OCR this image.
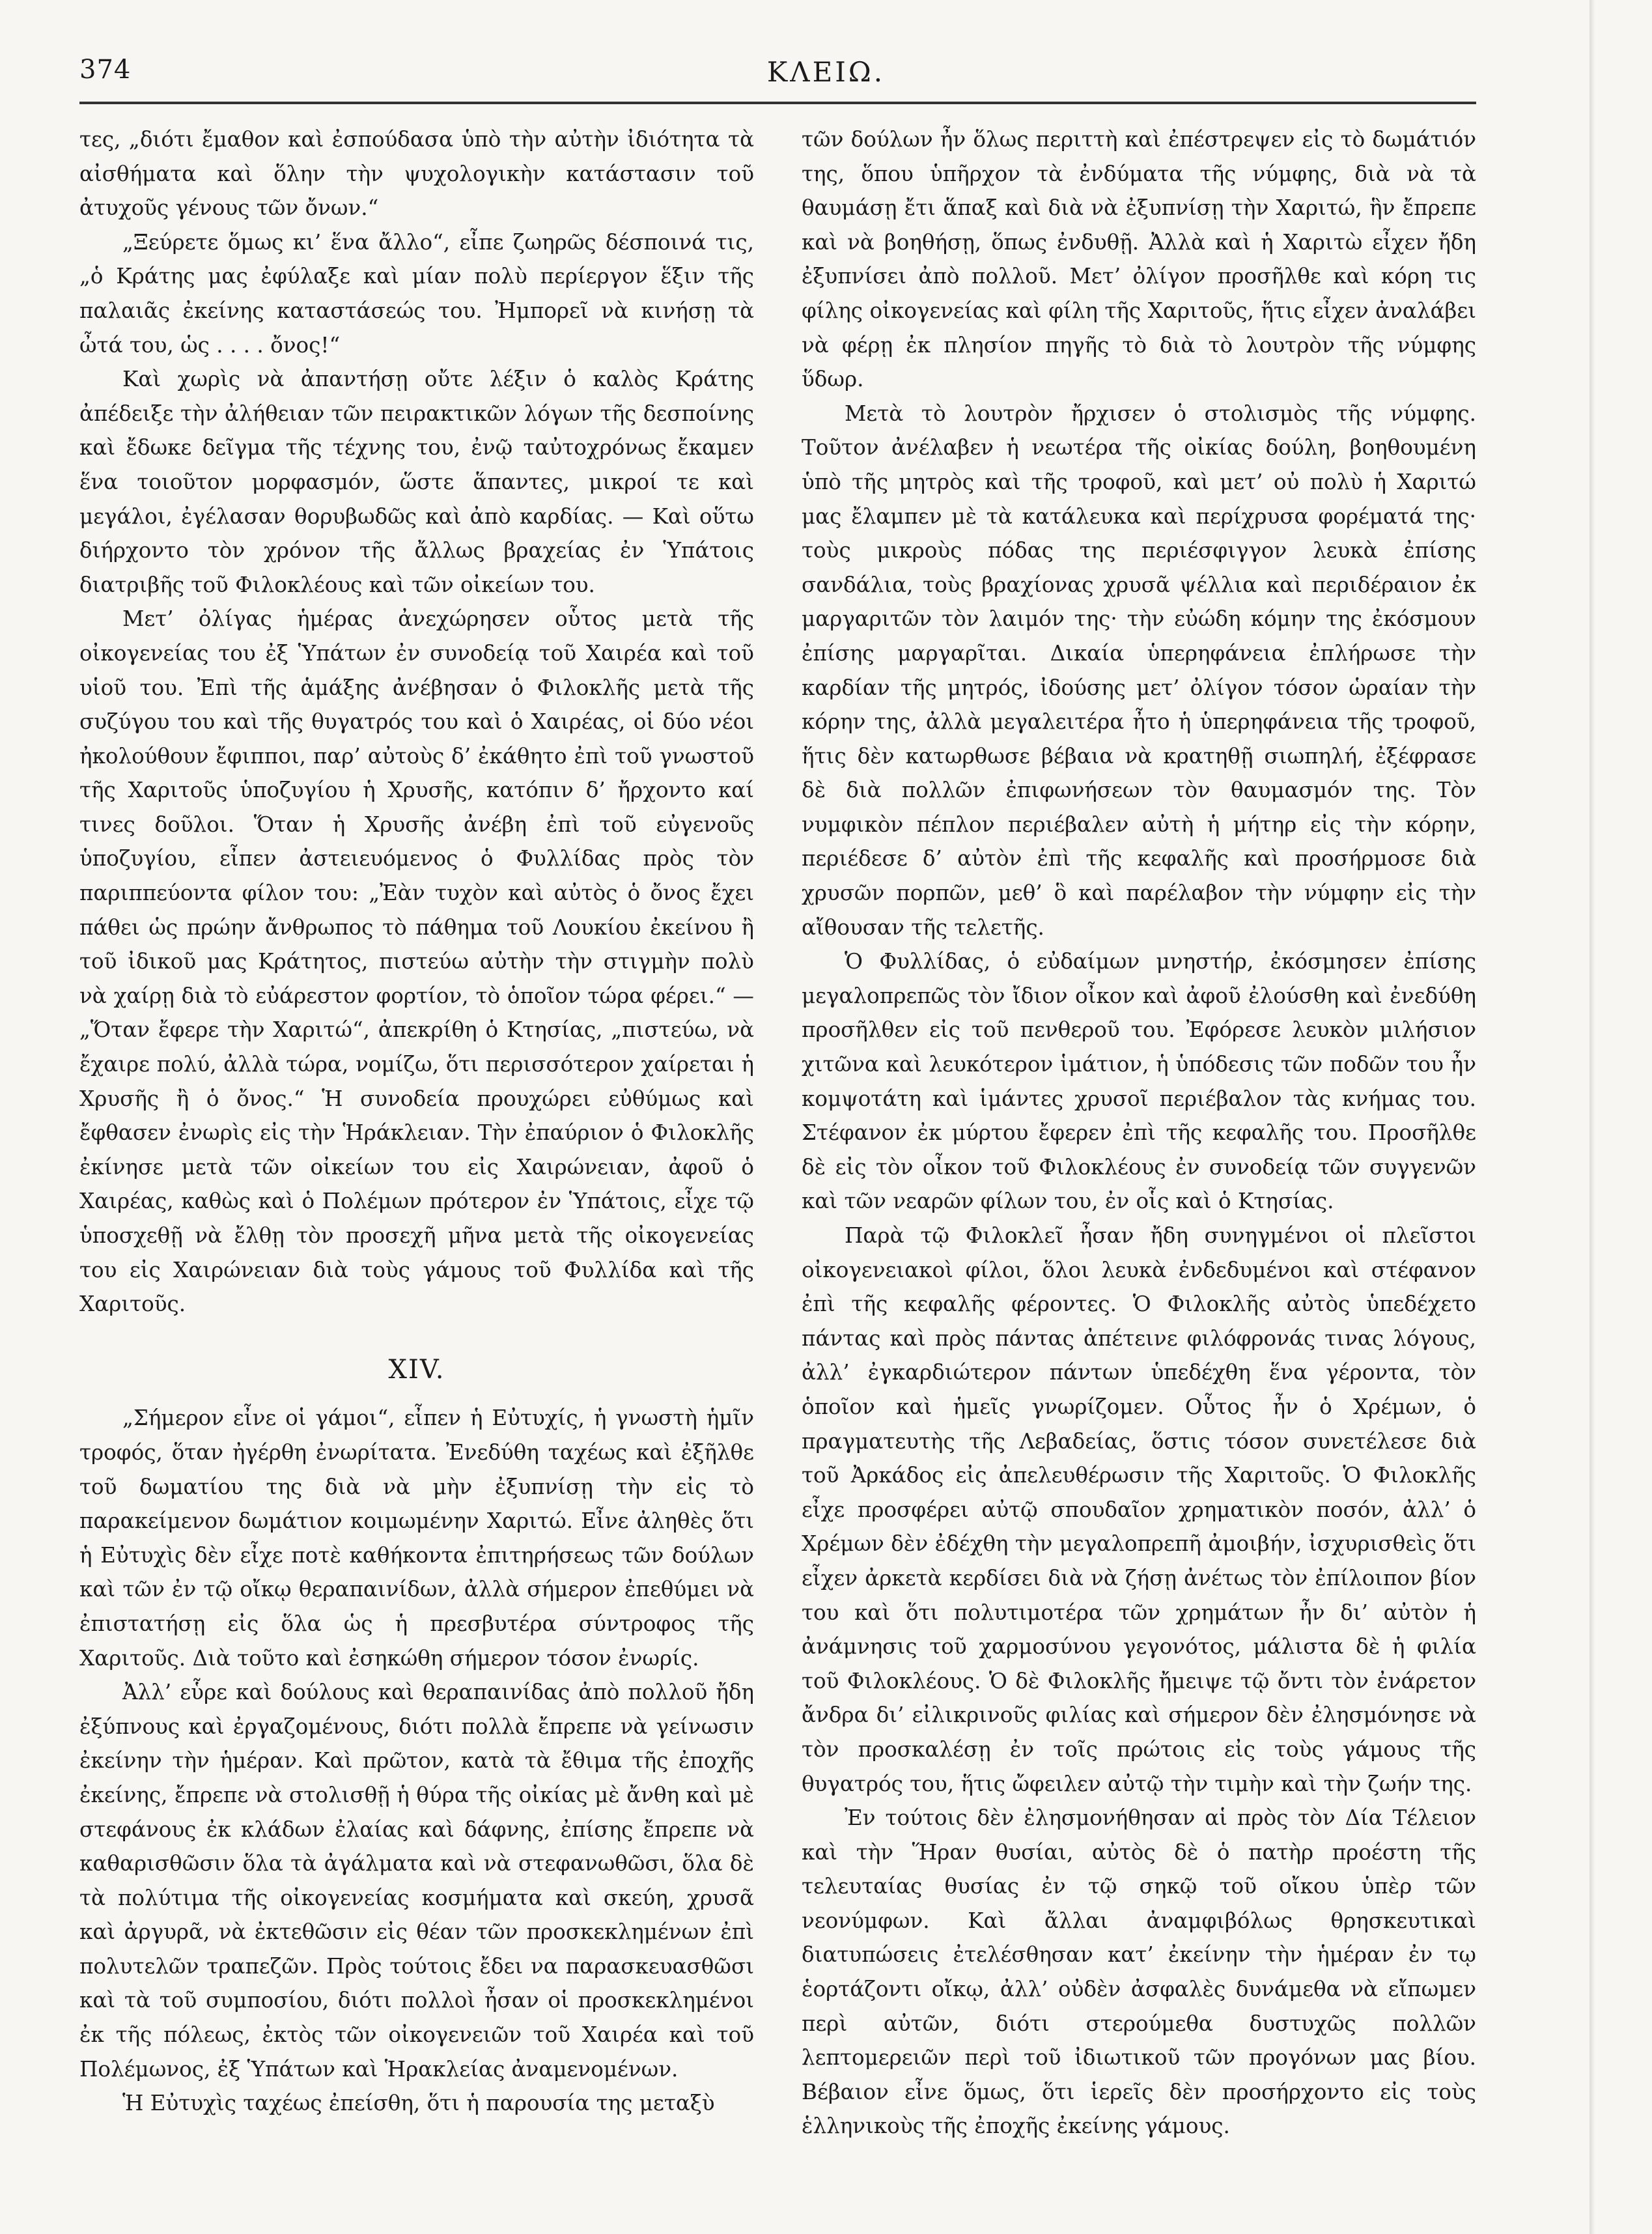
374	ΚΛΕΙΩ.

τες, „διότι ἔμαθον καὶ ἐσπούδασα ὑπὸ τὴν αὐτὴν ἰδιότητα τὰ αἰσθήματα καὶ ὅλην τὴν ψυχολογικὴν κατάστασιν τοῦ ἀτυχοῦς γένους τῶν ὄνων.“

„Ξεύρετε ὅμως κι’ ἕνα ἄλλο“, εἶπε ζωηρῶς δέσποινά τις, „ὁ Κράτης μας ἐφύλαξε καὶ μίαν πολὺ περίεργον ἕξιν τῆς παλαιᾶς ἐκείνης καταστάσεώς του. Ἠμπορεῖ νὰ κινήσῃ τὰ ὦτά του, ὡς . . . . ὄνος!“

Καὶ χωρὶς νὰ ἀπαντήσῃ οὔτε λέξιν ὁ καλὸς Κράτης ἀπέδειξε τὴν ἀλήθειαν τῶν πειρακτικῶν λόγων τῆς δεσποίνης καὶ ἔδωκε δεῖγμα τῆς τέχνης του, ἐνῷ ταὐτοχρόνως ἔκαμεν ἕνα τοιοῦτον μορφασμόν, ὥστε ἅπαντες, μικροί τε καὶ μεγάλοι, ἐγέλασαν θορυβωδῶς καὶ ἀπὸ καρδίας. — Καὶ οὕτω διήρχοντο τὸν χρόνον τῆς ἄλλως βραχείας ἐν Ὑπάτοις διατριβῆς τοῦ Φιλοκλέους καὶ τῶν οἰκείων του.

Μετ’ ὀλίγας ἡμέρας ἀνεχώρησεν οὗτος μετὰ τῆς οἰκογενείας του ἐξ Ὑπάτων ἐν συνοδείᾳ τοῦ Χαιρέα καὶ τοῦ υἱοῦ του. Ἐπὶ τῆς ἁμάξης ἀνέβησαν ὁ Φιλοκλῆς μετὰ τῆς συζύγου του καὶ τῆς θυγατρός του καὶ ὁ Χαιρέας, οἱ δύο νέοι ἠκολούθουν ἔφιπποι, παρ’ αὐτοὺς δ’ ἐκάθητο ἐπὶ τοῦ γνωστοῦ τῆς Χαριτοῦς ὑποζυγίου ἡ Χρυσῆς, κατόπιν δ’ ἤρχοντο καί τινες δοῦλοι. Ὅταν ἡ Χρυσῆς ἀνέβη ἐπὶ τοῦ εὐγενοῦς ὑποζυγίου, εἶπεν ἀστειευόμενος ὁ Φυλλίδας πρὸς τὸν παριππεύοντα φίλον του: „Ἐὰν τυχὸν καὶ αὐτὸς ὁ ὄνος ἔχει πάθει ὡς πρώην ἄνθρωπος τὸ πάθημα τοῦ Λουκίου ἐκείνου ἢ τοῦ ἰδικοῦ μας Κράτητος, πιστεύω αὐτὴν τὴν στιγμὴν πολὺ νὰ χαίρῃ διὰ τὸ εὐάρεστον φορτίον, τὸ ὁποῖον τώρα φέρει.“ — „Ὅταν ἔφερε τὴν Χαριτώ“, ἀπεκρίθη ὁ Κτησίας, „πιστεύω, νὰ ἔχαιρε πολύ, ἀλλὰ τώρα, νομίζω, ὅτι περισσότερον χαίρεται ἡ Χρυσῆς ἢ ὁ ὄνος.“ Ἡ συνοδεία προυχώρει εὐθύμως καὶ ἔφθασεν ἐνωρὶς εἰς τὴν Ἡράκλειαν. Τὴν ἐπαύριον ὁ Φιλοκλῆς ἐκίνησε μετὰ τῶν οἰκείων του εἰς Χαιρώνειαν, ἀφοῦ ὁ Χαιρέας, καθὼς καὶ ὁ Πολέμων πρότερον ἐν Ὑπάτοις, εἶχε τῷ ὑποσχεθῇ νὰ ἔλθῃ τὸν προσεχῆ μῆνα μετὰ τῆς οἰκογενείας του εἰς Χαιρώνειαν διὰ τοὺς γάμους τοῦ Φυλλίδα καὶ τῆς Χαριτοῦς.

XIV.

„Σήμερον εἶνε οἱ γάμοι“, εἶπεν ἡ Εὐτυχίς, ἡ γνωστὴ ἡμῖν τροφός, ὅταν ἠγέρθη ἐνωρίτατα. Ἐνεδύθη ταχέως καὶ ἐξῆλθε τοῦ δωματίου της διὰ νὰ μὴν ἐξυπνίσῃ τὴν εἰς τὸ παρακείμενον δωμάτιον κοιμωμένην Χαριτώ. Εἶνε ἀληθὲς ὅτι ἡ Εὐτυχὶς δὲν εἶχε ποτὲ καθήκοντα ἐπιτηρήσεως τῶν δούλων καὶ τῶν ἐν τῷ οἴκῳ θεραπαινίδων, ἀλλὰ σήμερον ἐπεθύμει νὰ ἐπιστατήσῃ εἰς ὅλα ὡς ἡ πρεσβυτέρα σύντροφος τῆς Χαριτοῦς. Διὰ τοῦτο καὶ ἐσηκώθη σήμερον τόσον ἐνωρίς.

Ἀλλ’ εὗρε καὶ δούλους καὶ θεραπαινίδας ἀπὸ πολλοῦ ἤδη ἐξύπνους καὶ ἐργαζομένους, διότι πολλὰ ἔπρεπε νὰ γείνωσιν ἐκείνην τὴν ἡμέραν. Καὶ πρῶτον, κατὰ τὰ ἔθιμα τῆς ἐποχῆς ἐκείνης, ἔπρεπε νὰ στολισθῇ ἡ θύρα τῆς οἰκίας μὲ ἄνθη καὶ μὲ στεφάνους ἐκ κλάδων ἐλαίας καὶ δάφνης, ἐπίσης ἔπρεπε νὰ καθαρισθῶσιν ὅλα τὰ ἀγάλματα καὶ νὰ στεφανωθῶσι, ὅλα δὲ τὰ πολύτιμα τῆς οἰκογενείας κοσμήματα καὶ σκεύη, χρυσᾶ καὶ ἀργυρᾶ, νὰ ἐκτεθῶσιν εἰς θέαν τῶν προσκεκλημένων ἐπὶ πολυτελῶν τραπεζῶν. Πρὸς τούτοις ἔδει να παρασκευασθῶσι καὶ τὰ τοῦ συμποσίου, διότι πολλοὶ ἦσαν οἱ προσκεκλημένοι ἐκ τῆς πόλεως, ἐκτὸς τῶν οἰκογενειῶν τοῦ Χαιρέα καὶ τοῦ Πολέμωνος, ἐξ Ὑπάτων καὶ Ἡρακλείας ἀναμενομένων.

Ἡ Εὐτυχὶς ταχέως ἐπείσθη, ὅτι ἡ παρουσία της μεταξὺ

τῶν δούλων ἦν ὅλως περιττὴ καὶ ἐπέστρεψεν εἰς τὸ δωμάτιόν της, ὅπου ὑπῆρχον τὰ ἐνδύματα τῆς νύμφης, διὰ νὰ τὰ θαυμάσῃ ἔτι ἅπαξ καὶ διὰ νὰ ἐξυπνίσῃ τὴν Χαριτώ, ἣν ἔπρεπε καὶ νὰ βοηθήσῃ, ὅπως ἐνδυθῇ. Ἀλλὰ καὶ ἡ Χαριτὼ εἶχεν ἤδη ἐξυπνίσει ἀπὸ πολλοῦ. Μετ’ ὀλίγον προσῆλθε καὶ κόρη τις φίλης οἰκογενείας καὶ φίλη τῆς Χαριτοῦς, ἥτις εἶχεν ἀναλάβει νὰ φέρῃ ἐκ πλησίον πηγῆς τὸ διὰ τὸ λουτρὸν τῆς νύμφης ὕδωρ.

Μετὰ τὸ λουτρὸν ἤρχισεν ὁ στολισμὸς τῆς νύμφης. Τοῦτον ἀνέλαβεν ἡ νεωτέρα τῆς οἰκίας δούλη, βοηθουμένη ὑπὸ τῆς μητρὸς καὶ τῆς τροφοῦ, καὶ μετ’ οὐ πολὺ ἡ Χαριτώ μας ἔλαμπεν μὲ τὰ κατάλευκα καὶ περίχρυσα φορέματά της· τοὺς μικροὺς πόδας της περιέσφιγγον λευκὰ ἐπίσης σανδάλια, τοὺς βραχίονας χρυσᾶ ψέλλια καὶ περιδέραιον ἐκ μαργαριτῶν τὸν λαιμόν της· τὴν εὐώδη κόμην της ἐκόσμουν ἐπίσης μαργαρῖται. Δικαία ὑπερηφάνεια ἐπλήρωσε τὴν καρδίαν τῆς μητρός, ἰδούσης μετ’ ὀλίγον τόσον ὡραίαν τὴν κόρην της, ἀλλὰ μεγαλειτέρα ἦτο ἡ ὑπερηφάνεια τῆς τροφοῦ, ἥτις δὲν κατωρθωσε βέβαια νὰ κρατηθῇ σιωπηλή, ἐξέφρασε δὲ διὰ πολλῶν ἐπιφωνήσεων τὸν θαυμασμόν της. Τὸν νυμφικὸν πέπλον περιέβαλεν αὐτὴ ἡ μήτηρ εἰς τὴν κόρην, περιέδεσε δ’ αὐτὸν ἐπὶ τῆς κεφαλῆς καὶ προσήρμοσε διὰ χρυσῶν πορπῶν, μεθ’ ὃ καὶ παρέλαβον τὴν νύμφην εἰς τὴν αἴθουσαν τῆς τελετῆς.

Ὁ Φυλλίδας, ὁ εὐδαίμων μνηστήρ, ἐκόσμησεν ἐπίσης μεγαλοπρεπῶς τὸν ἴδιον οἶκον καὶ ἀφοῦ ἐλούσθη καὶ ἐνεδύθη προσῆλθεν εἰς τοῦ πενθεροῦ του. Ἐφόρεσε λευκὸν μιλήσιον χιτῶνα καὶ λευκότερον ἱμάτιον, ἡ ὑπόδεσις τῶν ποδῶν του ἦν κομψοτάτη καὶ ἱμάντες χρυσοῖ περιέβαλον τὰς κνήμας του. Στέφανον ἐκ μύρτου ἔφερεν ἐπὶ τῆς κεφαλῆς του. Προσῆλθε δὲ εἰς τὸν οἶκον τοῦ Φιλοκλέους ἐν συνοδείᾳ τῶν συγγενῶν καὶ τῶν νεαρῶν φίλων του, ἐν οἷς καὶ ὁ Κτησίας.

Παρὰ τῷ Φιλοκλεῖ ἦσαν ἤδη συνηγμένοι οἱ πλεῖστοι οἰκογενειακοὶ φίλοι, ὅλοι λευκὰ ἐνδεδυμένοι καὶ στέφανον ἐπὶ τῆς κεφαλῆς φέροντες. Ὁ Φιλοκλῆς αὐτὸς ὑπεδέχετο πάντας καὶ πρὸς πάντας ἀπέτεινε φιλόφρονάς τινας λόγους, ἀλλ’ ἐγκαρδιώτερον πάντων ὑπεδέχθη ἕνα γέροντα, τὸν ὁποῖον καὶ ἡμεῖς γνωρίζομεν. Οὗτος ἦν ὁ Χρέμων, ὁ πραγματευτὴς τῆς Λεβαδείας, ὅστις τόσον συνετέλεσε διὰ τοῦ Ἀρκάδος εἰς ἀπελευθέρωσιν τῆς Χαριτοῦς. Ὁ Φιλοκλῆς εἶχε προσφέρει αὐτῷ σπουδαῖον χρηματικὸν ποσόν, ἀλλ’ ὁ Χρέμων δὲν ἐδέχθη τὴν μεγαλοπρεπῆ ἀμοιβήν, ἰσχυρισθεὶς ὅτι εἶχεν ἀρκετὰ κερδίσει διὰ νὰ ζήσῃ ἀνέτως τὸν ἐπίλοιπον βίον του καὶ ὅτι πολυτιμοτέρα τῶν χρημάτων ἦν δι’ αὐτὸν ἡ ἀνάμνησις τοῦ χαρμοσύνου γεγονότος, μάλιστα δὲ ἡ φιλία τοῦ Φιλοκλέους. Ὁ δὲ Φιλοκλῆς ἤμειψε τῷ ὄντι τὸν ἐνάρετον ἄνδρα δι’ εἰλικρινοῦς φιλίας καὶ σήμερον δὲν ἐλησμόνησε νὰ τὸν προσκαλέσῃ ἐν τοῖς πρώτοις εἰς τοὺς γάμους τῆς θυγατρός του, ἥτις ὤφειλεν αὐτῷ τὴν τιμὴν καὶ τὴν ζωήν της.

Ἐν τούτοις δὲν ἐλησμονήθησαν αἱ πρὸς τὸν Δία Τέλειον καὶ τὴν Ἥραν θυσίαι, αὐτὸς δὲ ὁ πατὴρ προέστη τῆς τελευταίας θυσίας ἐν τῷ σηκῷ τοῦ οἴκου ὑπὲρ τῶν νεονύμφων. Καὶ ἄλλαι ἀναμφιβόλως θρησκευτικαὶ διατυπώσεις ἐτελέσθησαν κατ’ ἐκείνην τὴν ἡμέραν ἐν τῳ ἑορτάζοντι οἴκῳ, ἀλλ’ οὐδὲν ἀσφαλὲς δυνάμεθα νὰ εἴπωμεν περὶ αὐτῶν, διότι στερούμεθα δυστυχῶς πολλῶν λεπτομερειῶν περὶ τοῦ ἰδιωτικοῦ τῶν προγόνων μας βίου. Βέβαιον εἶνε ὅμως, ὅτι ἱερεῖς δὲν προσήρχοντο εἰς τοὺς ἑλληνικοὺς τῆς ἐποχῆς ἐκείνης γάμους.
